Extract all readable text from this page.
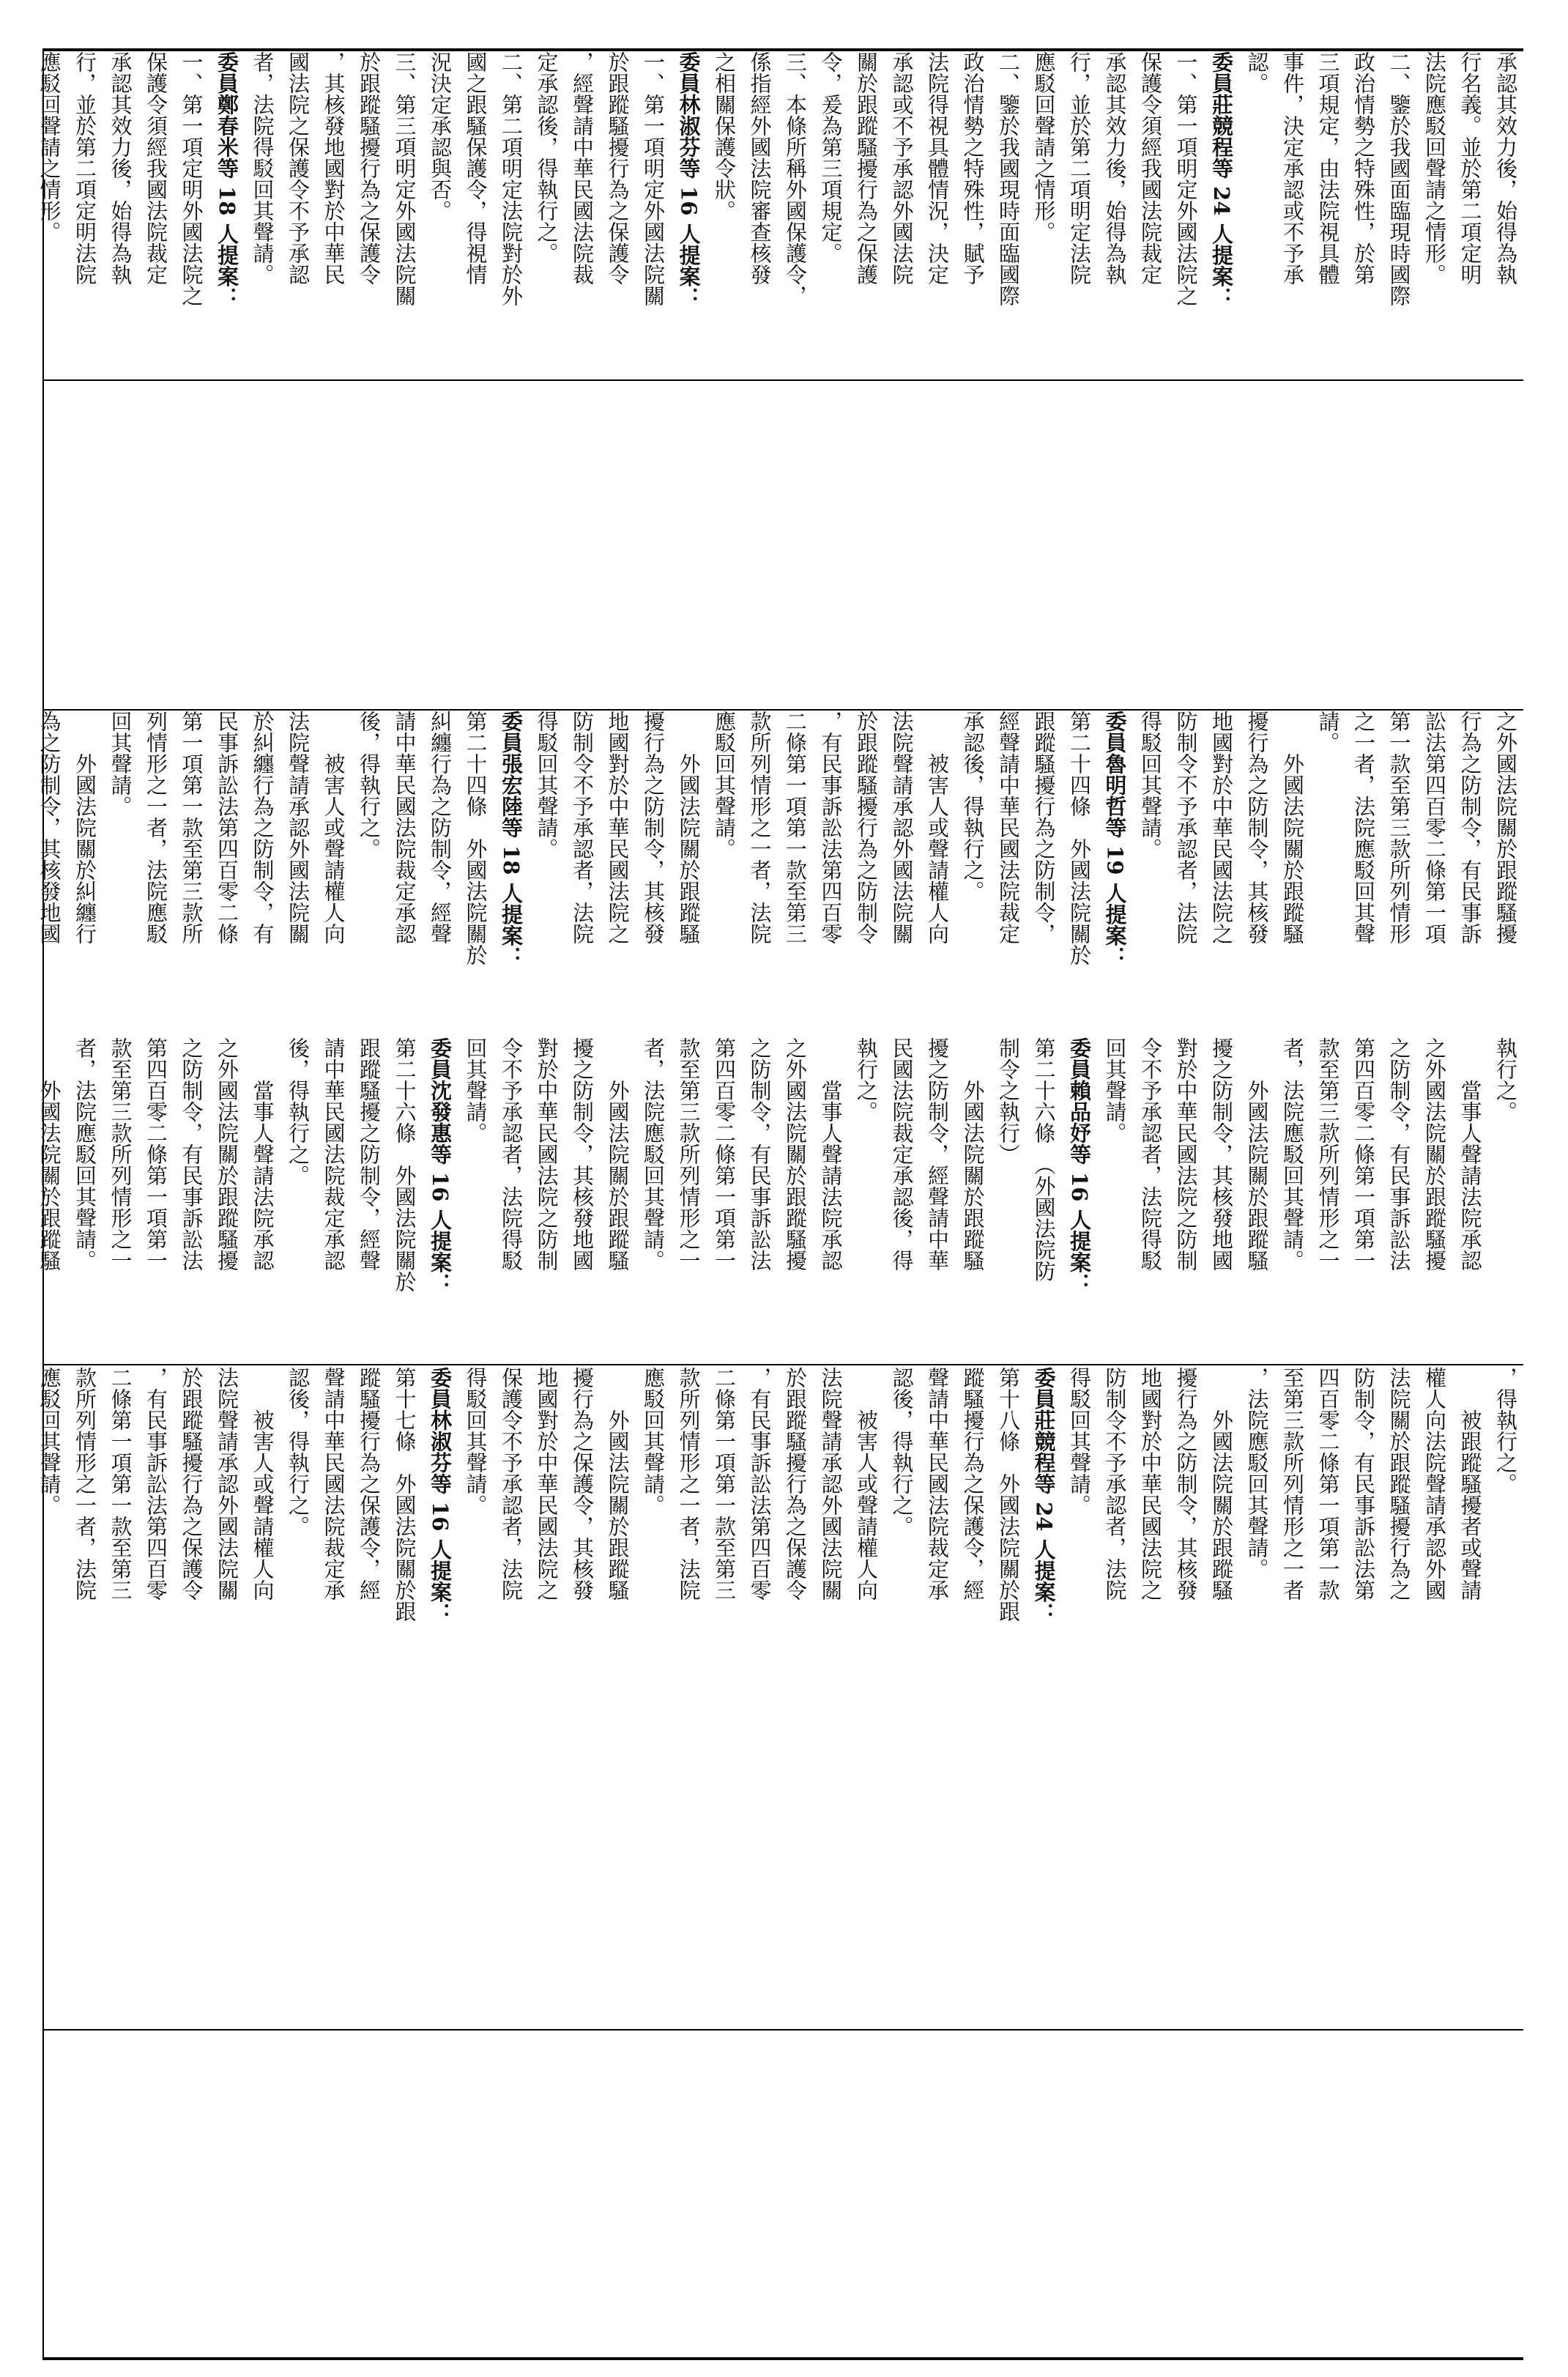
承認其效力後，始得為執
行名義。並於第二項定明
法院應駁回聲請之情形。
二、鑒於我國面臨現時國際
政治情勢之特殊性，於第
三項規定，由法院視具體
事件，決定承認或不予承
認。
委員莊競程等 24 人提案：
一、第一項明定外國法院之
保護令須經我國法院裁定
承認其效力後，始得為執
行，並於第二項明定法院
應駁回聲請之情形。
二、鑒於我國現時面臨國際
政治情勢之特殊性，賦予
法院得視具體情況，決定
承認或不予承認外國法院
關於跟蹤騷擾行為之保護
令，爰為第三項規定。
三、本條所稱外國保護令，
係指經外國法院審查核發
之相關保護令狀。
委員林淑芬等 16 人提案：
一、第一項明定外國法院關
於跟蹤騷擾行為之保護令
，經聲請中華民國法院裁
定承認後，得執行之。
二、第二項明定法院對於外
國之跟騷保護令，得視情
況決定承認與否。
三、第三項明定外國法院關
於跟蹤騷擾行為之保護令
，其核發地國對於中華民
國法院之保護令不予承認
者，法院得駁回其聲請。
委員鄭春米等 18 人提案：
一、第一項定明外國法院之
保護令須經我國法院裁定
承認其效力後，始得為執
行，並於第二項定明法院
應駁回聲請之情形。
之外國法院關於跟蹤騷擾
行為之防制令，有民事訴
訟法第四百零二條第一項
第一款至第三款所列情形
之一者，法院應駁回其聲
請。
　　外國法院關於跟蹤騷
擾行為之防制令，其核發
地國對於中華民國法院之
防制令不予承認者，法院
得駁回其聲請。
委員魯明哲等 19 人提案：
第二十四條　外國法院關於
跟蹤騷擾行為之防制令，
經聲請中華民國法院裁定
承認後，得執行之。
　　被害人或聲請權人向
法院聲請承認外國法院關
於跟蹤騷擾行為之防制令
，有民事訴訟法第四百零
二條第一項第一款至第三
款所列情形之一者，法院
應駁回其聲請。
　　外國法院關於跟蹤騷
擾行為之防制令，其核發
地國對於中華民國法院之
防制令不予承認者，法院
得駁回其聲請。
委員張宏陸等 18 人提案：
第二十四條　外國法院關於
糾纏行為之防制令，經聲
請中華民國法院裁定承認
後，得執行之。
　　被害人或聲請權人向
法院聲請承認外國法院關
於糾纏行為之防制令，有
民事訴訟法第四百零二條
第一項第一款至第三款所
列情形之一者，法院應駁
回其聲請。
　　外國法院關於糾纏行
為之防制令，其核發地國
執行之。
　　當事人聲請法院承認
之外國法院關於跟蹤騷擾
之防制令，有民事訴訟法
第四百零二條第一項第一
款至第三款所列情形之一
者，法院應駁回其聲請。
　　外國法院關於跟蹤騷
擾之防制令，其核發地國
對於中華民國法院之防制
令不予承認者，法院得駁
回其聲請。
委員賴品妤等 16 人提案：
第二十六條　（外國法院防
制令之執行）
　　外國法院關於跟蹤騷
擾之防制令，經聲請中華
民國法院裁定承認後，得
執行之。
　　當事人聲請法院承認
之外國法院關於跟蹤騷擾
之防制令，有民事訴訟法
第四百零二條第一項第一
款至第三款所列情形之一
者，法院應駁回其聲請。
　　外國法院關於跟蹤騷
擾之防制令，其核發地國
對於中華民國法院之防制
令不予承認者，法院得駁
回其聲請。
委員沈發惠等 16 人提案：
第二十六條　外國法院關於
跟蹤騷擾之防制令，經聲
請中華民國法院裁定承認
後，得執行之。
　　當事人聲請法院承認
之外國法院關於跟蹤騷擾
之防制令，有民事訴訟法
第四百零二條第一項第一
款至第三款所列情形之一
者，法院應駁回其聲請。
　　外國法院關於跟蹤騷
，得執行之。
　　被跟蹤騷擾者或聲請
權人向法院聲請承認外國
法院關於跟蹤騷擾行為之
防制令，有民事訴訟法第
四百零二條第一項第一款
至第三款所列情形之一者
，法院應駁回其聲請。
　　外國法院關於跟蹤騷
擾行為之防制令，其核發
地國對於中華民國法院之
防制令不予承認者，法院
得駁回其聲請。
委員莊競程等 24 人提案：
第十八條　外國法院關於跟
蹤騷擾行為之保護令，經
聲請中華民國法院裁定承
認後，得執行之。
　　被害人或聲請權人向
法院聲請承認外國法院關
於跟蹤騷擾行為之保護令
，有民事訴訟法第四百零
二條第一項第一款至第三
款所列情形之一者，法院
應駁回其聲請。
　　外國法院關於跟蹤騷
擾行為之保護令，其核發
地國對於中華民國法院之
保護令不予承認者，法院
得駁回其聲請。
委員林淑芬等 16 人提案：
第十七條　外國法院關於跟
蹤騷擾行為之保護令，經
聲請中華民國法院裁定承
認後，得執行之。
　　被害人或聲請權人向
法院聲請承認外國法院關
於跟蹤騷擾行為之保護令
，有民事訴訟法第四百零
二條第一項第一款至第三
款所列情形之一者，法院
應駁回其聲請。
